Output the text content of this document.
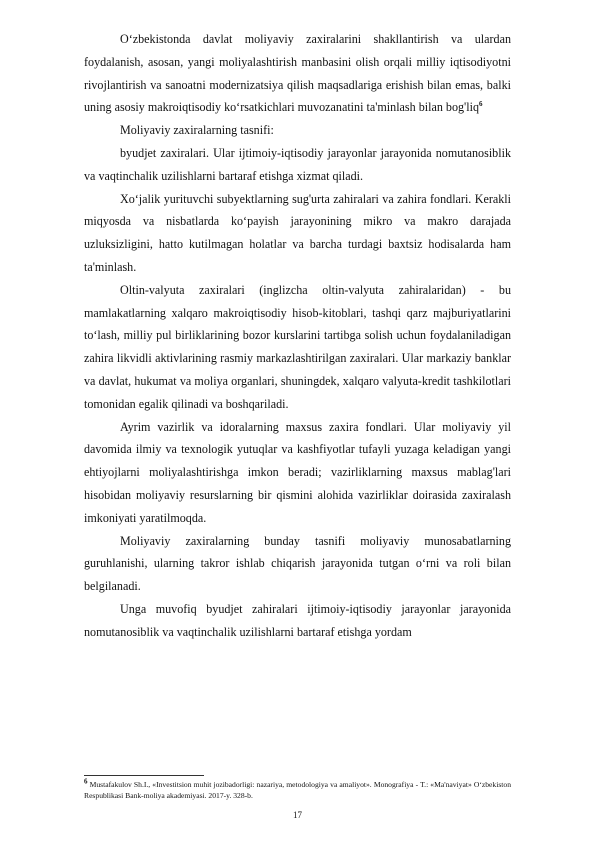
O‘zbekistonda davlat moliyaviy zaxiralarini shakllantirish va ulardan foydalanish, asosan, yangi moliyalashtirish manbasini olish orqali milliy iqtisodiyotni rivojlantirish va sanoatni modernizatsiya qilish maqsadlariga erishish bilan emas, balki uning asosiy makroiqtisodiy ko‘rsatkichlari muvozanatini ta'minlash bilan bog'liq$^6$

Moliyaviy zaxiralarning tasnifi:

byudjet zaxiralari. Ular ijtimoiy-iqtisodiy jarayonlar jarayonida nomutanosiblik va vaqtinchalik uzilishlarni bartaraf etishga xizmat qiladi.

Xo‘jalik yurituvchi subyektlarning sug'urta zahiralari va zahira fondlari. Kerakli miqyosda va nisbatlarda ko‘payish jarayonining mikro va makro darajada uzluksizligini, hatto kutilmagan holatlar va barcha turdagi baxtsiz hodisalarda ham ta'minlash.

Oltin-valyuta zaxiralari (inglizcha oltin-valyuta zahiralaridan) - bu mamlakatlarning xalqaro makroiqtisodiy hisob-kitoblari, tashqi qarz majburiyatlarini to‘lash, milliy pul birliklarining bozor kurslarini tartibga solish uchun foydalaniladigan zahira likvidli aktivlarining rasmiy markazlashtirilgan zaxiralari. Ular markaziy banklar va davlat, hukumat va moliya organlari, shuningdek, xalqaro valyuta-kredit tashkilotlari tomonidan egalik qilinadi va boshqariladi.

Ayrim vazirlik va idoralarning maxsus zaxira fondlari. Ular moliyaviy yil davomida ilmiy va texnologik yutuqlar va kashfiyotlar tufayli yuzaga keladigan yangi ehtiyojlarni moliyalashtirishga imkon beradi; vazirliklarning maxsus mablag'lari hisobidan moliyaviy resurslarning bir qismini alohida vazirliklar doirasida zaxiralash imkoniyati yaratilmoqda.

Moliyaviy zaxiralarning bunday tasnifi moliyaviy munosabatlarning guruhlanishi, ularning takror ishlab chiqarish jarayonida tutgan o‘rni va roli bilan belgilanadi.

Unga muvofiq byudjet zahiralari ijtimoiy-iqtisodiy jarayonlar jarayonida nomutanosiblik va vaqtinchalik uzilishlarni bartaraf etishga yordam

6 Mustafakulov Sh.I., «Investitsion muhit jozibadorligi: nazariya, metodologiya va amaliyot». Monografiya - T.: «Ma'naviyat» O‘zbekiston Respublikasi Bank-moliya akademiyasi. 2017-y. 328-b.

17
